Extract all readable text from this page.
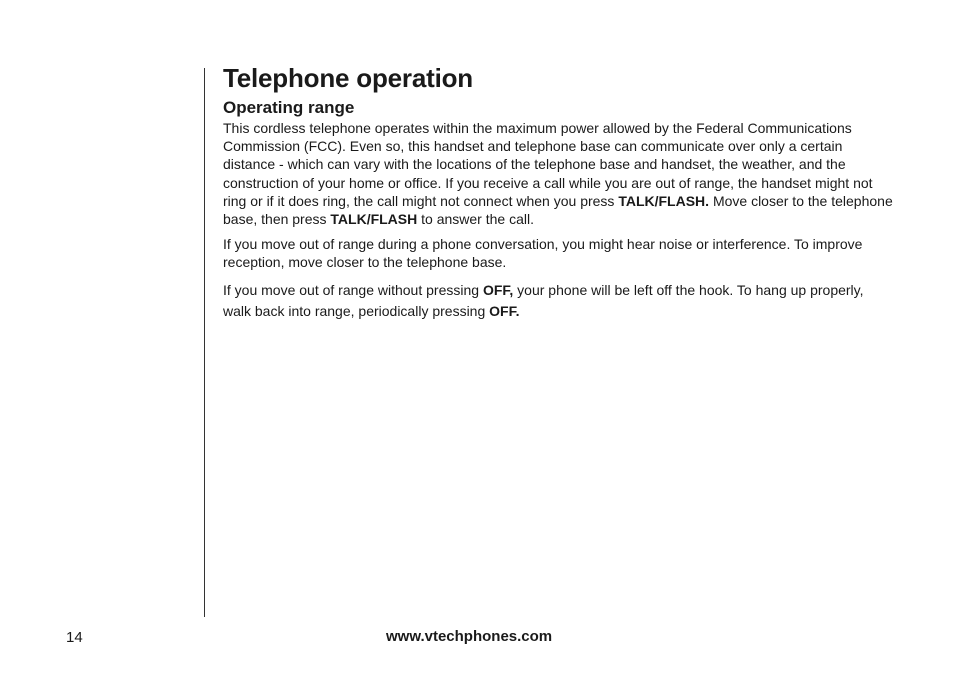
Telephone operation
Operating range

This cordless telephone operates within the maximum power allowed by the Federal Communications Commission (FCC). Even so, this handset and telephone base can communicate over only a certain distance - which can vary with the locations of the telephone base and handset, the weather, and the construction of your home or office. If you receive a call while you are out of range, the handset might not ring or if it does ring, the call might not connect when you press TALK/FLASH. Move closer to the telephone base, then press TALK/FLASH to answer the call.

If you move out of range during a phone conversation, you might hear noise or interference. To improve reception, move closer to the telephone base.

If you move out of range without pressing OFF, your phone will be left off the hook. To hang up properly, walk back into range, periodically pressing OFF.

14	www.vtechphones.com
